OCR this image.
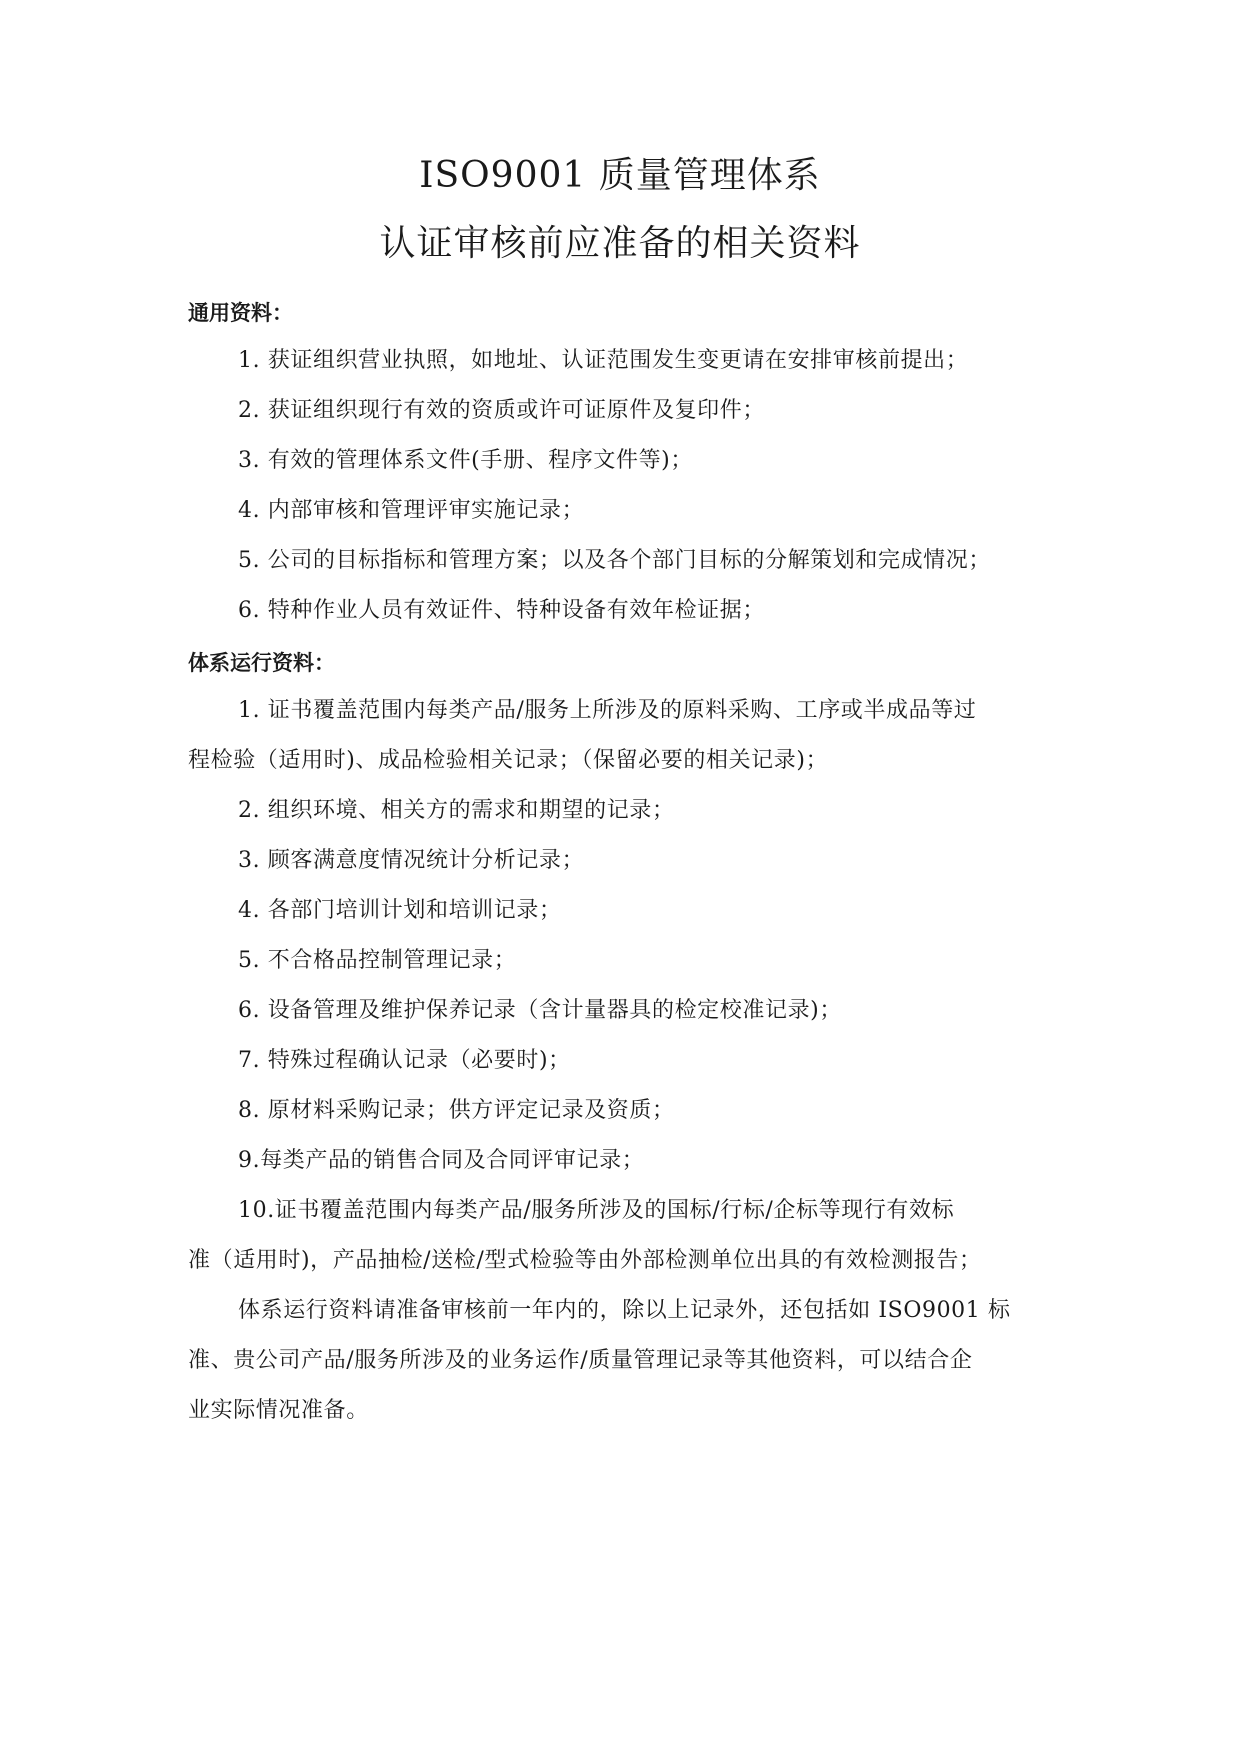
ISO9001 质量管理体系
认证审核前应准备的相关资料
通用资料：
1. 获证组织营业执照，如地址、认证范围发生变更请在安排审核前提出；
2. 获证组织现行有效的资质或许可证原件及复印件；
3. 有效的管理体系文件(手册、程序文件等)；
4. 内部审核和管理评审实施记录；
5. 公司的目标指标和管理方案；以及各个部门目标的分解策划和完成情况；
6. 特种作业人员有效证件、特种设备有效年检证据；
体系运行资料：
1. 证书覆盖范围内每类产品/服务上所涉及的原料采购、工序或半成品等过
程检验（适用时)、成品检验相关记录；（保留必要的相关记录)；
2. 组织环境、相关方的需求和期望的记录；
3. 顾客满意度情况统计分析记录；
4. 各部门培训计划和培训记录；
5. 不合格品控制管理记录；
6. 设备管理及维护保养记录（含计量器具的检定校准记录)；
7. 特殊过程确认记录（必要时)；
8. 原材料采购记录；供方评定记录及资质；
9.每类产品的销售合同及合同评审记录；
10.证书覆盖范围内每类产品/服务所涉及的国标/行标/企标等现行有效标
准（适用时)，产品抽检/送检/型式检验等由外部检测单位出具的有效检测报告；
体系运行资料请准备审核前一年内的，除以上记录外，还包括如 ISO9001 标
准、贵公司产品/服务所涉及的业务运作/质量管理记录等其他资料，可以结合企
业实际情况准备。
